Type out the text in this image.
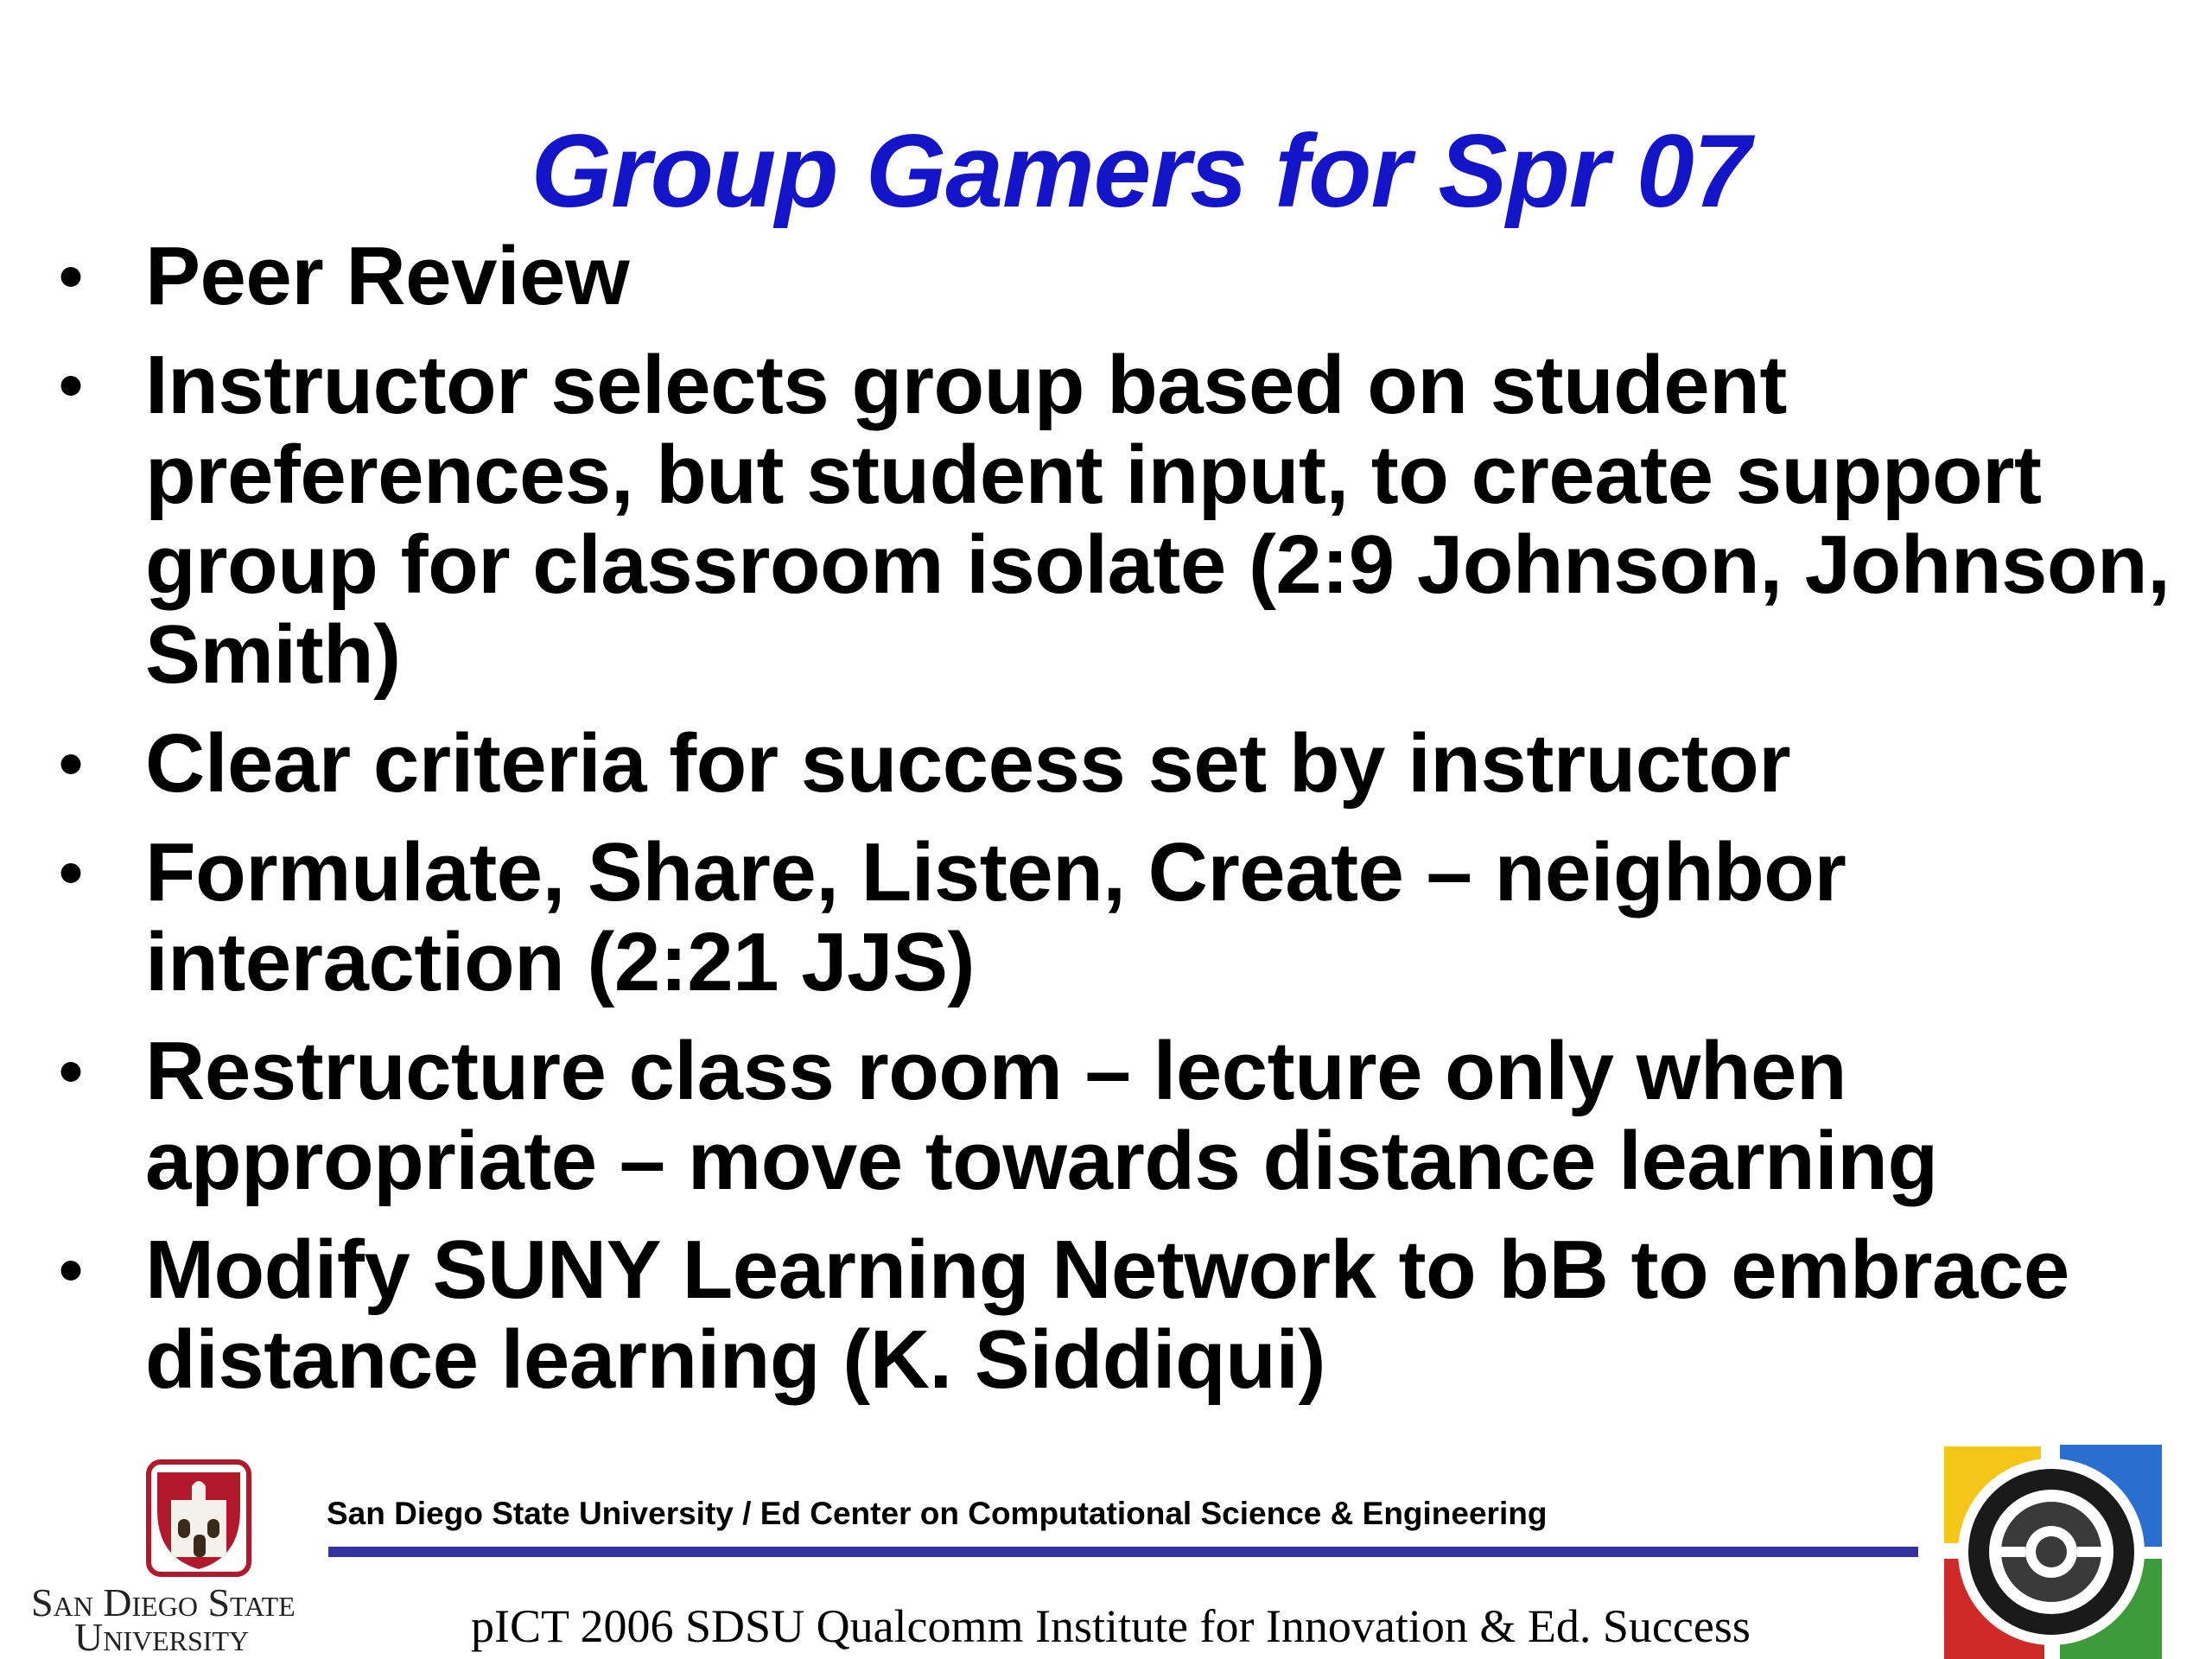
Group Gamers for Spr 07
• Peer Review
• Instructor selects group based on student preferences, but student input, to create support group for classroom isolate (2:9 Johnson, Johnson, Smith)
• Clear criteria for success set by instructor
• Formulate, Share, Listen, Create – neighbor interaction (2:21 JJS)
• Restructure class room – lecture only when appropriate – move towards distance learning
• Modify SUNY Learning Network to bB to embrace distance learning (K. Siddiqui)
San Diego State
University
San Diego State University / Ed Center on Computational Science & Engineering
pICT 2006 SDSU Qualcomm Institute for Innovation & Ed. Success
